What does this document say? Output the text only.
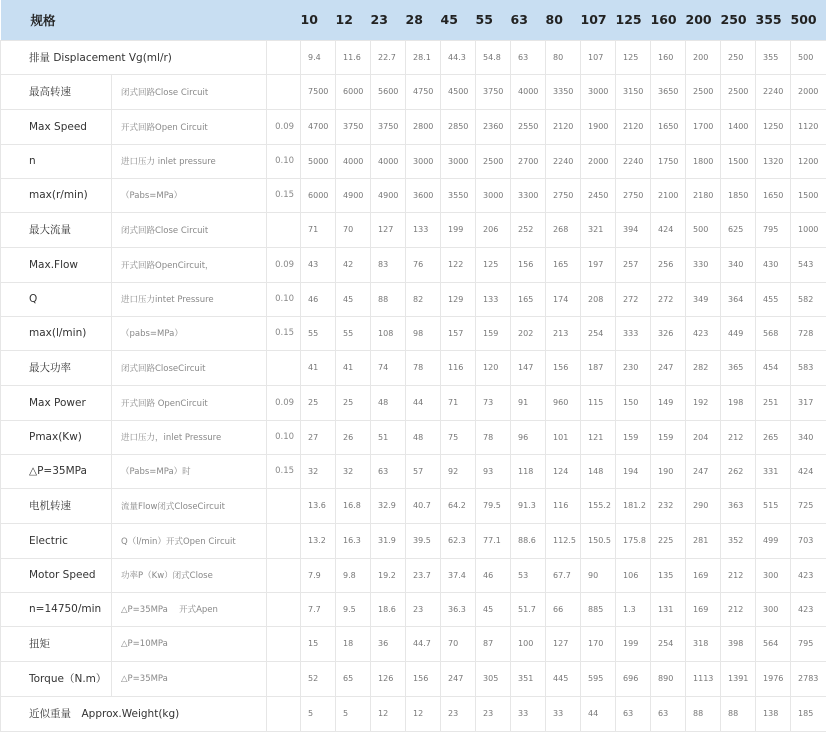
规格			10	12	23	28	45	55	63	80	107	125	160	200	250	355	500
排量 Displacement Vg(ml/r)			9.4	11.6	22.7	28.1	44.3	54.8	63	80	107	125	160	200	250	355	500
最高转速	闭式回路Close Circuit		7500	6000	5600	4750	4500	3750	4000	3350	3000	3150	3650	2500	2500	2240	2000
Max Speed	开式回路Open Circuit	0.09	4700	3750	3750	2800	2850	2360	2550	2120	1900	2120	1650	1700	1400	1250	1120
n	进口压力 inlet pressure	0.10	5000	4000	4000	3000	3000	2500	2700	2240	2000	2240	1750	1800	1500	1320	1200
max(r/min)	（Pabs=MPa）	0.15	6000	4900	4900	3600	3550	3000	3300	2750	2450	2750	2100	2180	1850	1650	1500
最大流量	闭式回路Close Circuit		71	70	127	133	199	206	252	268	321	394	424	500	625	795	1000
Max.Flow	开式回路OpenCircuit，	0.09	43	42	83	76	122	125	156	165	197	257	256	330	340	430	543
Q	进口压力intet Pressure	0.10	46	45	88	82	129	133	165	174	208	272	272	349	364	455	582
max(l/min)	（pabs=MPa）	0.15	55	55	108	98	157	159	202	213	254	333	326	423	449	568	728
最大功率	闭式回路CloseCircuit		41	41	74	78	116	120	147	156	187	230	247	282	365	454	583
Max Power	开式回路 OpenCircuit	0.09	25	25	48	44	71	73	91	960	115	150	149	192	198	251	317
Pmax(Kw)	进口压力，inlet Pressure	0.10	27	26	51	48	75	78	96	101	121	159	159	204	212	265	340
△P=35MPa	（Pabs=MPa）时	0.15	32	32	63	57	92	93	118	124	148	194	190	247	262	331	424
电机转速	流量Flow闭式CloseCircuit		13.6	16.8	32.9	40.7	64.2	79.5	91.3	116	155.2	181.2	232	290	363	515	725
Electric	Q（l/min）开式Open Circuit		13.2	16.3	31.9	39.5	62.3	77.1	88.6	112.5	150.5	175.8	225	281	352	499	703
Motor Speed	功率P（Kw）闭式Close		7.9	9.8	19.2	23.7	37.4	46	53	67.7	90	106	135	169	212	300	423
n=14750/min	△P=35MPa　 开式Apen		7.7	9.5	18.6	23	36.3	45	51.7	66	885	1.3	131	169	212	300	423
扭矩	△P=10MPa		15	18	36	44.7	70	87	100	127	170	199	254	318	398	564	795
Torque（N.m）	△P=35MPa		52	65	126	156	247	305	351	445	595	696	890	1113	1391	1976	2783
近似重量　Approx.Weight(kg)			5	5	12	12	23	23	33	33	44	63	63	88	88	138	185
